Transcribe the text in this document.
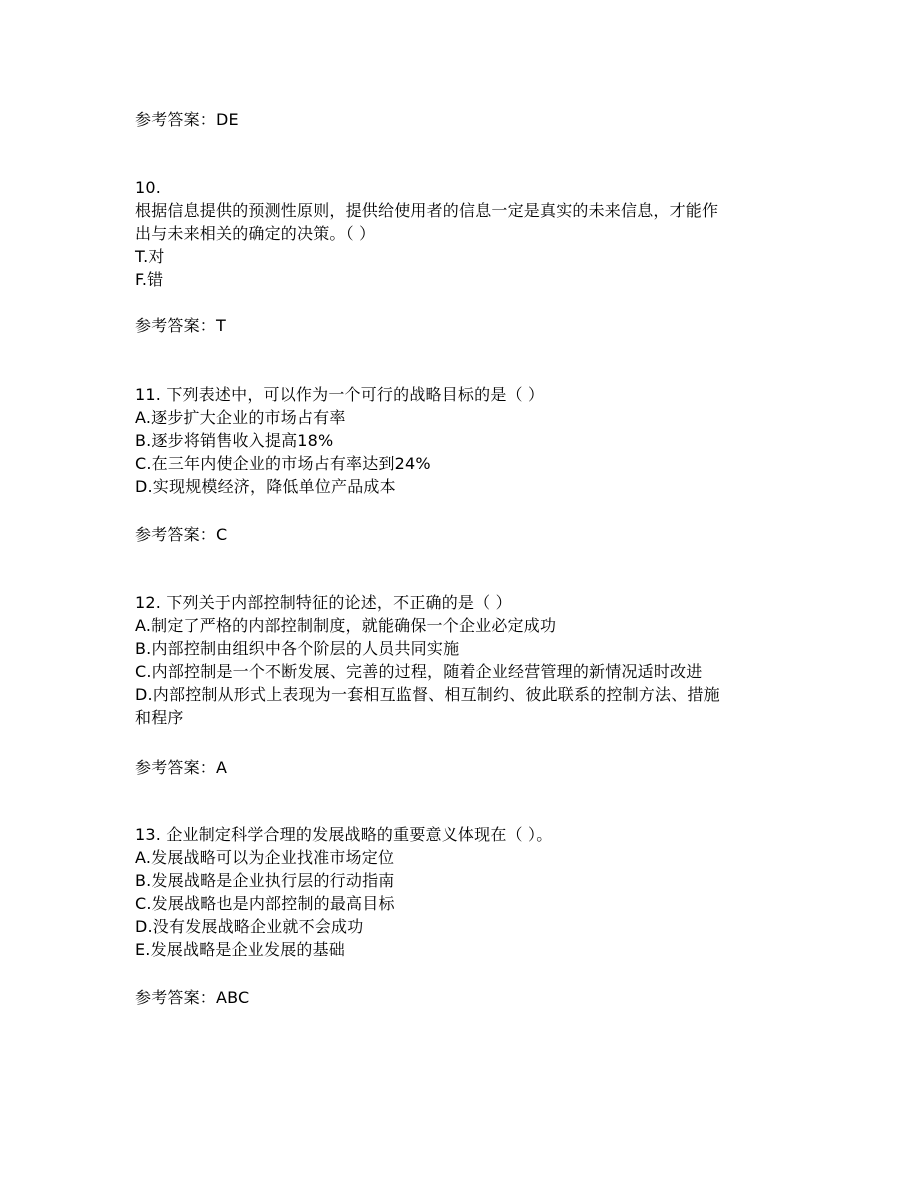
参考答案：DE
10.
根据信息提供的预测性原则，提供给使用者的信息一定是真实的未来信息，才能作
出与未来相关的确定的决策。（ ）
T.对
F.错
参考答案：T
11. 下列表述中，可以作为一个可行的战略目标的是（ ）
A.逐步扩大企业的市场占有率
B.逐步将销售收入提高18%
C.在三年内使企业的市场占有率达到24%
D.实现规模经济，降低单位产品成本
参考答案：C
12. 下列关于内部控制特征的论述，不正确的是（ ）
A.制定了严格的内部控制制度，就能确保一个企业必定成功
B.内部控制由组织中各个阶层的人员共同实施
C.内部控制是一个不断发展、完善的过程，随着企业经营管理的新情况适时改进
D.内部控制从形式上表现为一套相互监督、相互制约、彼此联系的控制方法、措施
和程序
参考答案：A
13. 企业制定科学合理的发展战略的重要意义体现在（ ）。
A.发展战略可以为企业找准市场定位
B.发展战略是企业执行层的行动指南
C.发展战略也是内部控制的最高目标
D.没有发展战略企业就不会成功
E.发展战略是企业发展的基础
参考答案：ABC
